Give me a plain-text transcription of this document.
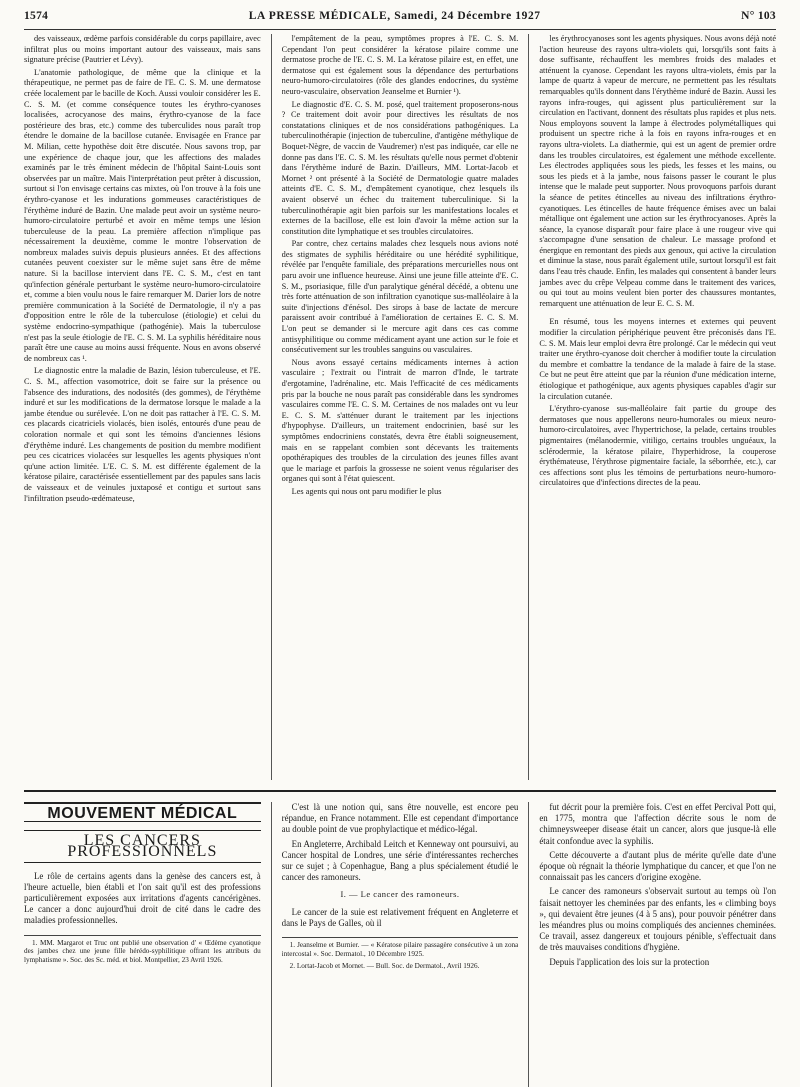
1574	LA PRESSE MÉDICALE, Samedi, 24 Décembre 1927	N° 103

des vaisseaux, œdème parfois considérable du corps papillaire, avec infiltrat plus ou moins important autour des vaisseaux, mais sans signature précise (Pautrier et Lévy).

L'anatomie pathologique, de même que la clinique et la thérapeutique, ne permet pas de faire de l'E. C. S. M. une dermatose créée localement par le bacille de Koch. Aussi vouloir considérer les E. C. S. M. (et comme conséquence toutes les érythro-cyanoses localisées, acrocyanose des mains, érythro-cyanose de la face postérieure des bras, etc.) comme des tuberculides nous paraît trop étendre le domaine de la bacillose cutanée. Envisagée en France par M. Milian, cette hypothèse doit être discutée. Nous savons trop, par une expérience de chaque jour, que les affections des malades examinés par le très éminent médecin de l'hôpital Saint-Louis sont observées par un maître. Mais l'interprétation peut prêter à discussion, surtout si l'on envisage certains cas mixtes, où l'on trouve à la fois une érythro-cyanose et les indurations gommeuses caractéristiques de l'érythème induré de Bazin. Une malade peut avoir un système neuro-humoro-circulatoire perturbé et avoir en même temps une lésion tuberculeuse de la peau. La première affection n'implique pas nécessairement la deuxième, comme le montre l'observation de nombreux malades suivis depuis plusieurs années. Et des affections cutanées peuvent coexister sur le même sujet sans être de même nature. Si la bacillose intervient dans l'E. C. S. M., c'est en tant qu'infection générale perturbant le système neuro-humoro-circulatoire et, comme a bien voulu nous le faire remarquer M. Darier lors de notre première communication à la Société de Dermatologie, il n'y a pas d'opposition entre le rôle de la tuberculose (étiologie) et celui du système endocrino-sympathique (pathogénie). Mais la tuberculose n'est pas la seule étiologie de l'E. C. S. M. La syphilis héréditaire nous paraît être une cause au moins aussi fréquente. Nous en avons observé de nombreux cas ¹.

Le diagnostic entre la maladie de Bazin, lésion tuberculeuse, et l'E. C. S. M., affection vasomotrice, doit se faire sur la présence ou l'absence des indurations, des nodosités (des gommes), de l'érythème induré et sur les modifications de la dermatose lorsque le malade a la jambe étendue ou surélevée. L'on ne doit pas rattacher à l'E. C. S. M. ces placards cicatriciels violacés, bien isolés, entourés d'une peau de coloration normale et qui sont les témoins d'anciennes lésions d'érythème induré. Les changements de position du membre modifient peu ces cicatrices violacées sur lesquelles les agents physiques n'ont qu'une action limitée. L'E. C. S. M. est différente également de la kératose pilaire, caractérisée essentiellement par des papules sans lacis de vaisseaux et de veinules juxtaposé et contigu et surtout sans l'infiltration pseudo-œdémateuse,

l'empâtement de la peau, symptômes propres à l'E. C. S. M. Cependant l'on peut considérer la kératose pilaire comme une dermatose proche de l'E. C. S. M. La kératose pilaire est, en effet, une dermatose qui est également sous la dépendance des perturbations neuro-humoro-circulatoires (rôle des glandes endocrines, du système neuro-vasculaire, observation Jeanselme et Burnier ¹).

Le diagnostic d'E. C. S. M. posé, quel traitement proposerons-nous ? Ce traitement doit avoir pour directives les résultats de nos constatations cliniques et de nos considérations pathogéniques. La tuberculinothérapie (injection de tuberculine, d'antigène méthylique de Boquet-Nègre, de vaccin de Vaudremer) n'est pas indiquée, car elle ne donne pas dans l'E. C. S. M. les résultats qu'elle nous permet d'obtenir dans l'érythème induré de Bazin. D'ailleurs, MM. Lortat-Jacob et Mornet ² ont présenté à la Société de Dermatologie quatre malades atteints d'E. C. S. M., d'empâtement cyanotique, chez lesquels ils avaient observé un échec du traitement tuberculinique. Si la tuberculinothérapie agit bien parfois sur les manifestations locales et externes de la bacillose, elle est loin d'avoir la même action sur la constitution dite lymphatique et ses troubles circulatoires.

Par contre, chez certains malades chez lesquels nous avions noté des stigmates de syphilis héréditaire ou une hérédité syphilitique, révélée par l'enquête familiale, des préparations mercurielles nous ont paru avoir une influence heureuse. Ainsi une jeune fille atteinte d'E. C. S. M., psoriasique, fille d'un paralytique général décédé, a obtenu une très forte atténuation de son infiltration cyanotique sus-malléolaire à la suite d'injections d'énésol. Des sirops à base de lactate de mercure paraissent avoir contribué à l'amélioration de certaines E. C. S. M. L'on peut se demander si le mercure agit dans ces cas comme antisyphilitique ou comme médicament ayant une action sur le foie et consécutivement sur les troubles sanguins ou vasculaires.

Nous avons essayé certains médicaments internes à action vasculaire ; l'extrait ou l'intrait de marron d'Inde, le tartrate d'ergotamine, l'adrénaline, etc. Mais l'efficacité de ces médicaments pris par la bouche ne nous paraît pas considérable dans les syndromes vasculaires comme l'E. C. S. M. Certaines de nos malades ont vu leur E. C. S. M. s'atténuer durant le traitement par les injections d'hypophyse. D'ailleurs, un traitement endocrinien, basé sur les symptômes endocriniens constatés, devra être établi soigneusement, mais en se rappelant combien sont décevants les traitements opothérapiques des troubles de la circulation des jeunes filles avant que le mariage et parfois la grossesse ne soient venus régulariser des organes qui sont à l'état quiescent.

Les agents qui nous ont paru modifier le plus

les érythrocyanoses sont les agents physiques. Nous avons déjà noté l'action heureuse des rayons ultra-violets qui, lorsqu'ils sont faits à dose suffisante, réchauffent les membres froids des malades et atténuent la cyanose. Cependant les rayons ultra-violets, émis par la lampe de quartz à vapeur de mercure, ne permettent pas les résultats remarquables qu'ils donnent dans l'érythème induré de Bazin. Aussi les rayons infra-rouges, qui agissent plus particulièrement sur la circulation en l'activant, donnent des résultats plus rapides et plus nets. Nous employons souvent la lampe à électrodes polymétalliques qui produisent un spectre riche à la fois en rayons infra-rouges et en rayons ultra-violets. La diathermie, qui est un agent de premier ordre dans les troubles circulatoires, est également une méthode excellente. Les électrodes appliquées sous les pieds, les fesses et les mains, ou sous les pieds et à la jambe, nous faisons passer le courant le plus intense que le malade peut supporter. Nous provoquons parfois durant la séance de petites étincelles au niveau des infiltrations érythro-cyanotiques. Les étincelles de haute fréquence émises avec un balai métallique ont également une action sur les érythrocyanoses. Après la séance, la cyanose disparaît pour faire place à une rougeur vive qui s'accompagne d'une sensation de chaleur. Le massage profond et énergique en remontant des pieds aux genoux, qui active la circulation et diminue la stase, nous paraît également utile, surtout lorsqu'il est fait dans l'eau très chaude. Enfin, les malades qui consentent à bander leurs jambes avec du crêpe Velpeau comme dans le traitement des varices, ou qui tout au moins veulent bien porter des chaussures montantes, remarquent une atténuation de leur E. C. S. M.

En résumé, tous les moyens internes et externes qui peuvent modifier la circulation périphérique peuvent être préconisés dans l'E. C. S. M. Mais leur emploi devra être prolongé. Car le médecin qui veut traiter une érythro-cyanose doit chercher à modifier toute la circulation du membre et combattre la tendance de la malade à faire de la stase. Ce but ne peut être atteint que par la réunion d'une médication interne, étiologique et pathogénique, aux agents physiques capables d'agir sur la circulation cutanée.

L'érythro-cyanose sus-malléolaire fait partie du groupe des dermatoses que nous appellerons neuro-humorales ou mieux neuro-humoro-circulatoires, avec l'hypertrichose, la pelade, certains troubles pigmentaires (mélanodermie, vitiligo, certains troubles unguéaux, la sclérodermie, la kératose pilaire, l'hyperhidrose, la couperose érythémateuse, l'érythrose pigmentaire faciale, la séborrhée, etc.), car ces affections sont plus les témoins de perturbations neuro-humoro-circulatoires que d'infections directes de la peau.

MOUVEMENT MÉDICAL
LES CANCERS PROFESSIONNELS

Le rôle de certains agents dans la genèse des cancers est, à l'heure actuelle, bien établi et l'on sait qu'il est des professions particulièrement exposées aux irritations d'agents cancérigènes. Le cancer a donc aujourd'hui droit de cité dans le cadre des maladies professionnelles.

1. MM. Margarot et Truc ont publié une observation d' « Œdème cyanotique des jambes chez une jeune fille hérédo-syphilitique offrant les attributs du lymphatisme ». Soc. des Sc. méd. et biol. Montpellier, 23 Avril 1926.

C'est là une notion qui, sans être nouvelle, est encore peu répandue, en France notamment. Elle est cependant d'importance au double point de vue prophylactique et médico-légal.

En Angleterre, Archibald Leitch et Kenneway ont poursuivi, au Cancer hospital de Londres, une série d'intéressantes recherches sur ce sujet ; à Copenhague, Bang a plus spécialement étudié le cancer des ramoneurs.

I. — Le cancer des ramoneurs.

Le cancer de la suie est relativement fréquent en Angleterre et dans le Pays de Galles, où il

1. Jeanselme et Burnier. — « Kératose pilaire passagère consécutive à un zona intercostal ». Soc. Dermatol., 10 Décembre 1925.

2. Lortat-Jacob et Mornet. — Bull. Soc. de Dermatol., Avril 1926.

fut décrit pour la première fois. C'est en effet Percival Pott qui, en 1775, montra que l'affection décrite sous le nom de chimneysweeper disease était un cancer, alors que jusque-là elle était confondue avec la syphilis.

Cette découverte a d'autant plus de mérite qu'elle date d'une époque où régnait la théorie lymphatique du cancer, et que l'on ne connaissait pas les cancers d'origine exogène.

Le cancer des ramoneurs s'observait surtout au temps où l'on faisait nettoyer les cheminées par des enfants, les « climbing boys », qui devaient être jeunes (4 à 5 ans), pour pouvoir pénétrer dans les méandres plus ou moins compliqués des anciennes cheminées. Ce travail, assez dangereux et toujours pénible, s'effectuait dans de très mauvaises conditions d'hygiène.

Depuis l'application des lois sur la protection
